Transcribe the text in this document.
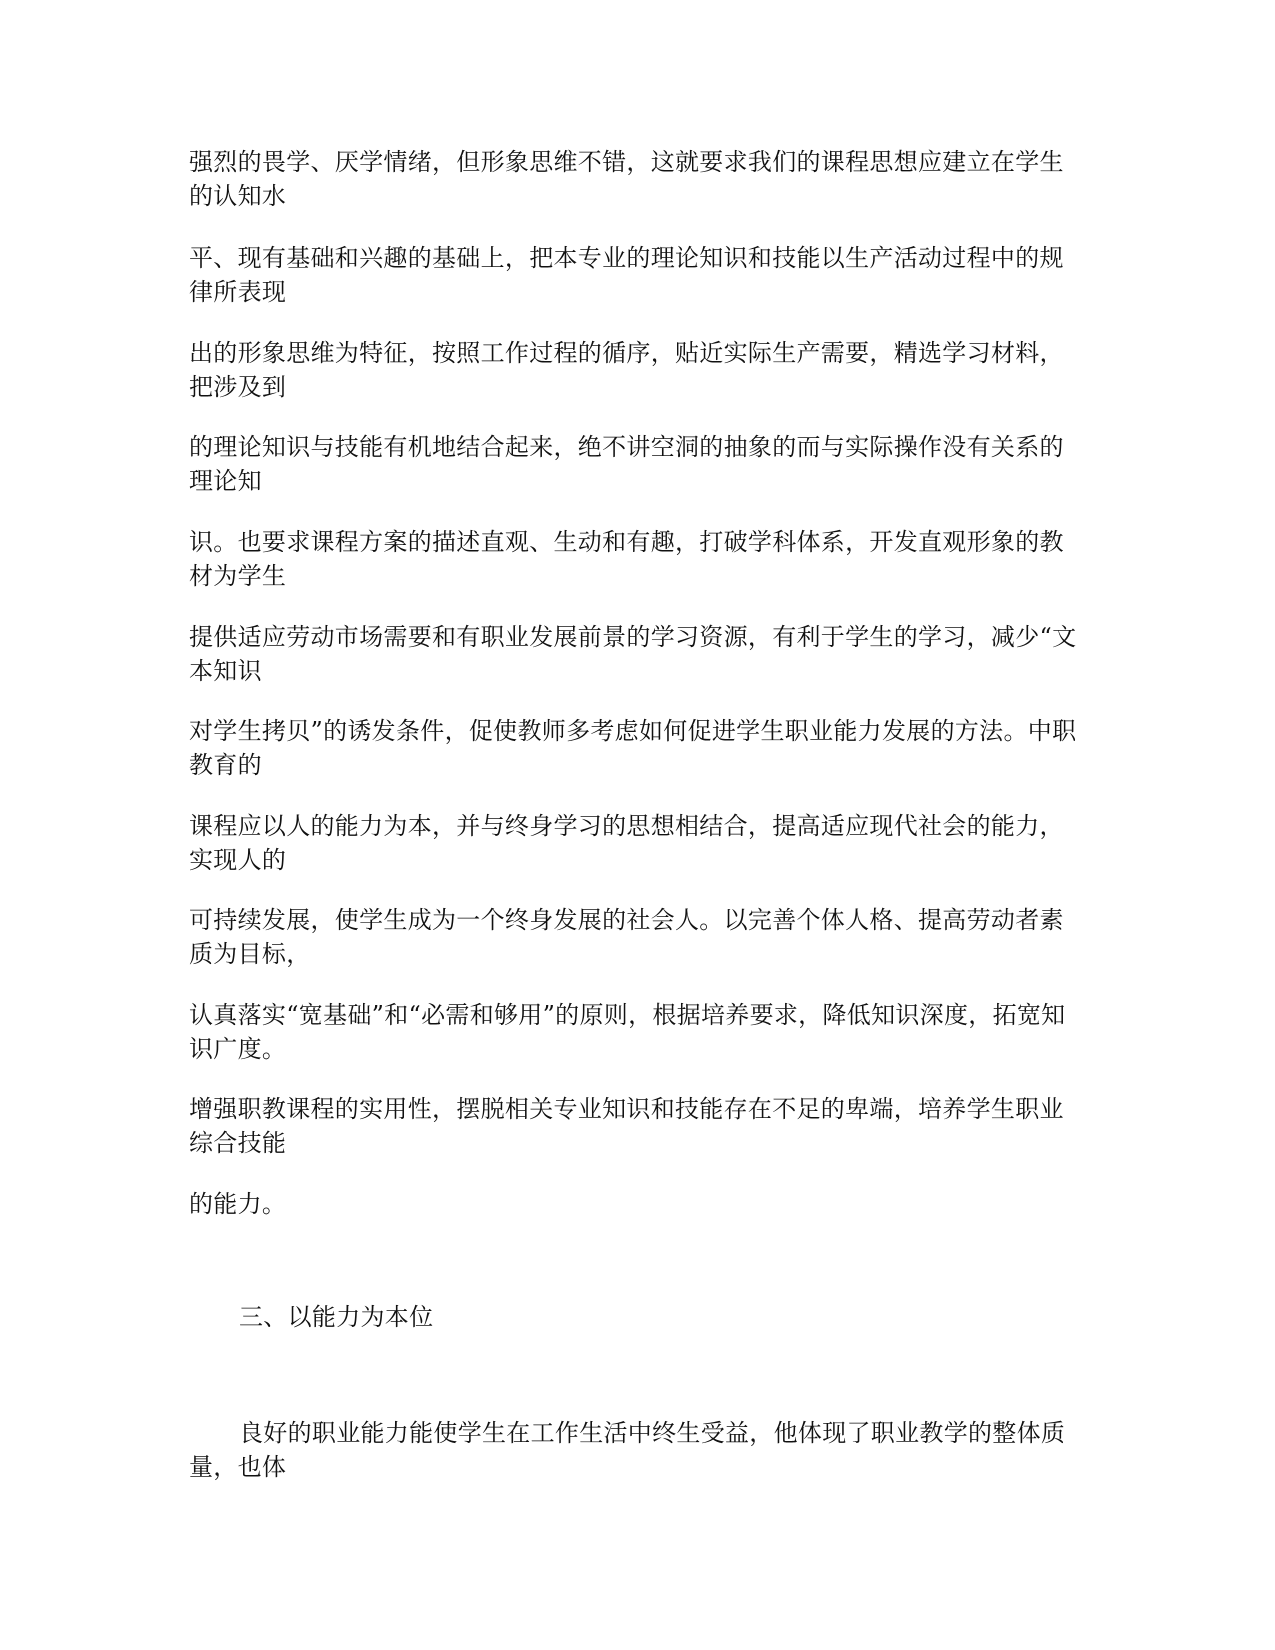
强烈的畏学、厌学情绪，但形象思维不错，这就要求我们的课程思想应建立在学生
的认知水

平、现有基础和兴趣的基础上，把本专业的理论知识和技能以生产活动过程中的规
律所表现

出的形象思维为特征，按照工作过程的循序，贴近实际生产需要，精选学习材料，
把涉及到

的理论知识与技能有机地结合起来，绝不讲空洞的抽象的而与实际操作没有关系的
理论知

识。也要求课程方案的描述直观、生动和有趣，打破学科体系，开发直观形象的教
材为学生

提供适应劳动市场需要和有职业发展前景的学习资源，有利于学生的学习，减少“文
本知识

对学生拷贝”的诱发条件，促使教师多考虑如何促进学生职业能力发展的方法。中职
教育的

课程应以人的能力为本，并与终身学习的思想相结合，提高适应现代社会的能力，
实现人的

可持续发展，使学生成为一个终身发展的社会人。以完善个体人格、提高劳动者素
质为目标，

认真落实“宽基础”和“必需和够用”的原则，根据培养要求，降低知识深度，拓宽知
识广度。

增强职教课程的实用性，摆脱相关专业知识和技能存在不足的卑端，培养学生职业
综合技能

的能力。

三、以能力为本位

良好的职业能力能使学生在工作生活中终生受益，他体现了职业教学的整体质
量，也体
